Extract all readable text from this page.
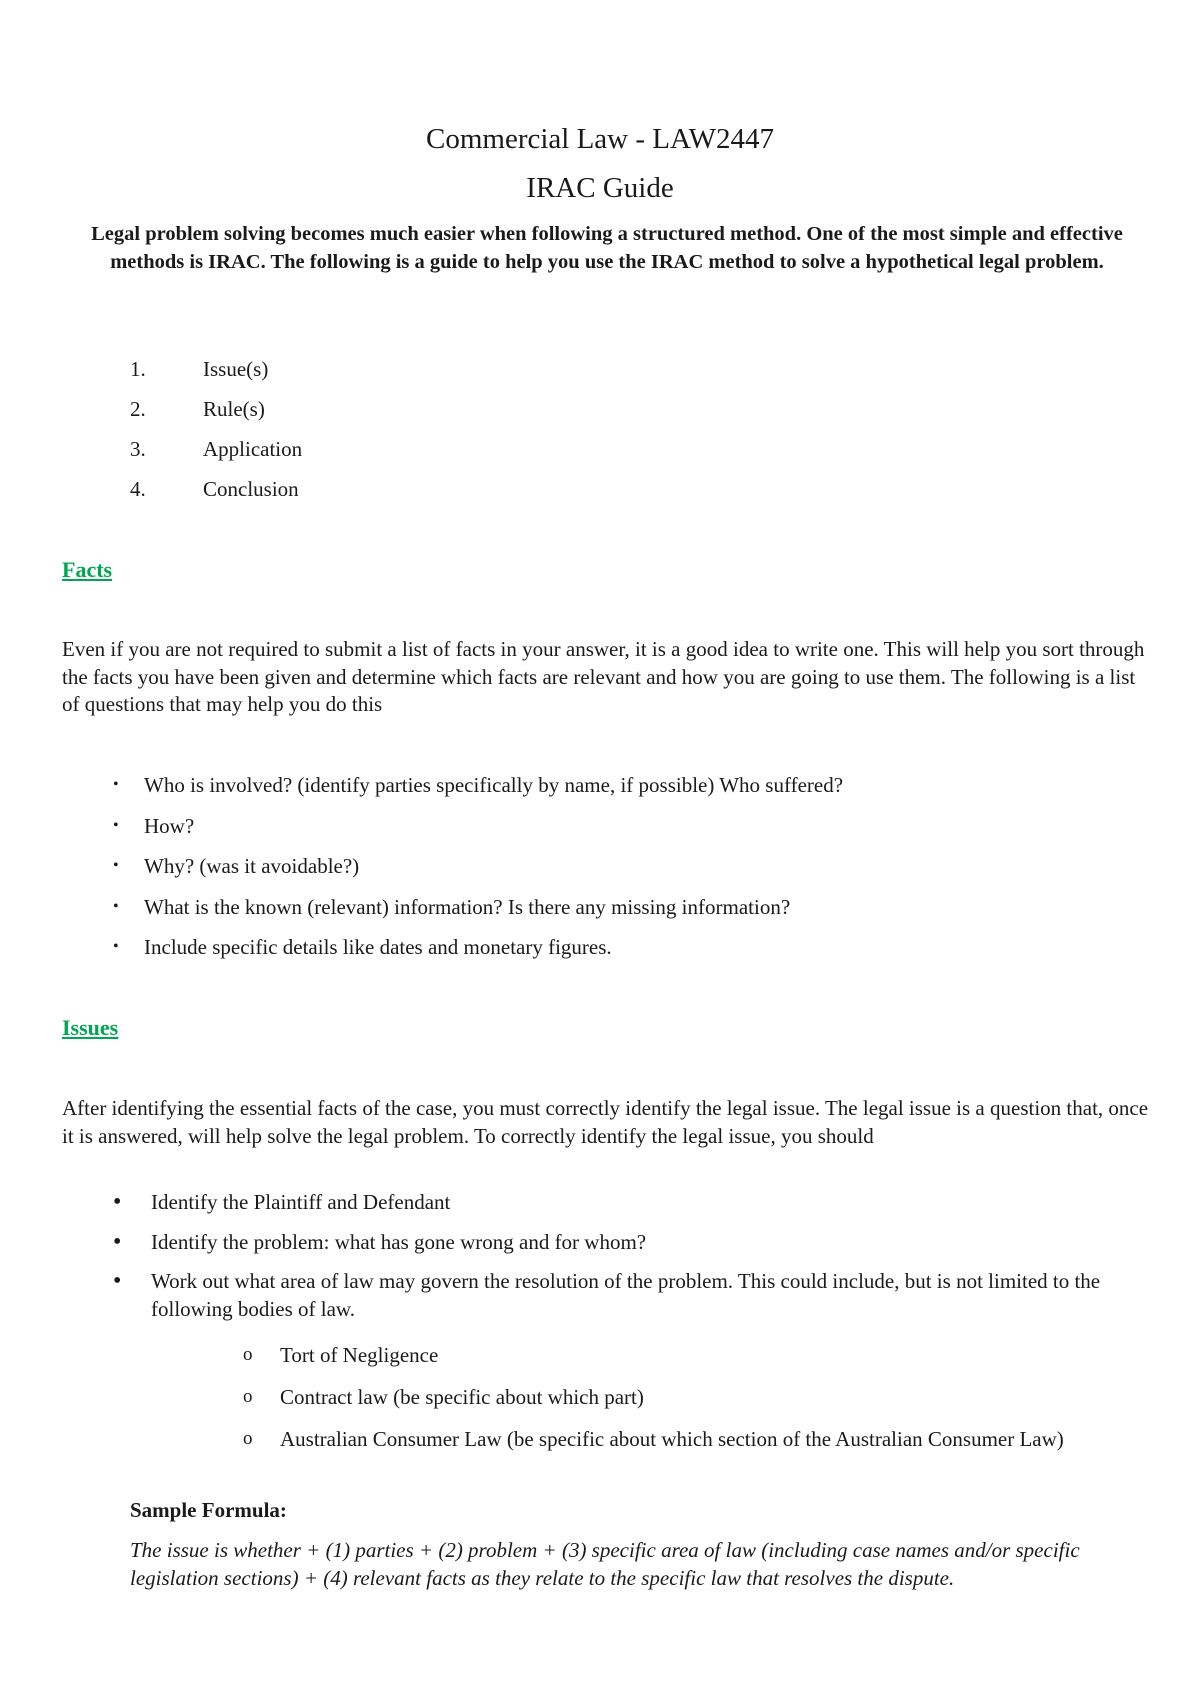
Commercial Law - LAW2447
IRAC Guide
Legal problem solving becomes much easier when following a structured method. One of the most simple and effective methods is IRAC. The following is a guide to help you use the IRAC method to solve a hypothetical legal problem.
1.	Issue(s)
2.	Rule(s)
3.	Application
4.	Conclusion
Facts
Even if you are not required to submit a list of facts in your answer, it is a good idea to write one. This will help you sort through the facts you have been given and determine which facts are relevant and how you are going to use them. The following is a list of questions that may help you do this
• Who is involved? (identify parties specifically by name, if possible) Who suffered?
• How?
• Why? (was it avoidable?)
• What is the known (relevant) information? Is there any missing information?
• Include specific details like dates and monetary figures.
Issues
After identifying the essential facts of the case, you must correctly identify the legal issue. The legal issue is a question that, once it is answered, will help solve the legal problem. To correctly identify the legal issue, you should
• Identify the Plaintiff and Defendant
• Identify the problem: what has gone wrong and for whom?
• Work out what area of law may govern the resolution of the problem. This could include, but is not limited to the following bodies of law.
o Tort of Negligence
o Contract law (be specific about which part)
o Australian Consumer Law (be specific about which section of the Australian Consumer Law)
Sample Formula:
The issue is whether + (1) parties + (2) problem + (3) specific area of law (including case names and/or specific legislation sections) + (4) relevant facts as they relate to the specific law that resolves the dispute.
